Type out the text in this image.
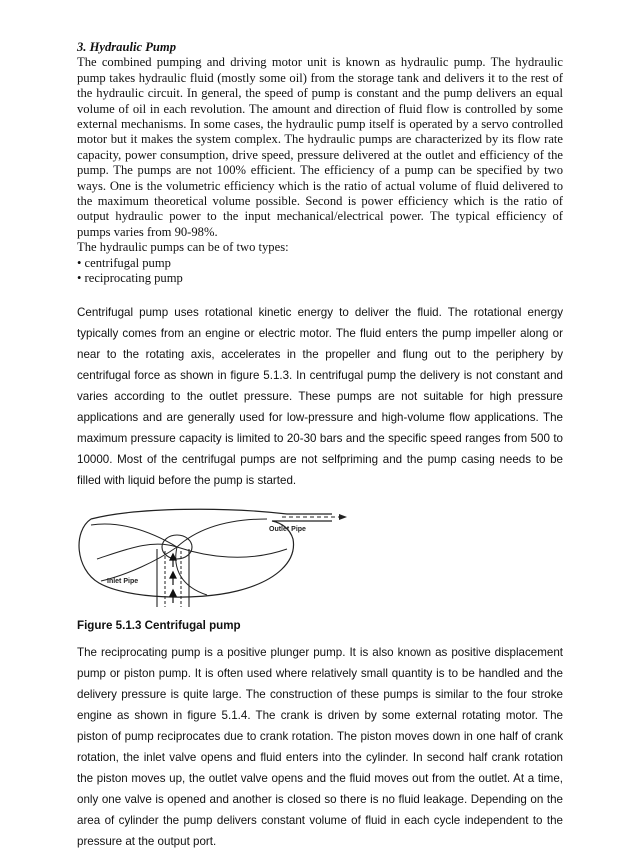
3. Hydraulic Pump

The combined pumping and driving motor unit is known as hydraulic pump. The hydraulic pump takes hydraulic fluid (mostly some oil) from the storage tank and delivers it to the rest of the hydraulic circuit. In general, the speed of pump is constant and the pump delivers an equal volume of oil in each revolution. The amount and direction of fluid flow is controlled by some external mechanisms. In some cases, the hydraulic pump itself is operated by a servo controlled motor but it makes the system complex. The hydraulic pumps are characterized by its flow rate capacity, power consumption, drive speed, pressure delivered at the outlet and efficiency of the pump. The pumps are not 100% efficient. The efficiency of a pump can be specified by two ways. One is the volumetric efficiency which is the ratio of actual volume of fluid delivered to the maximum theoretical volume possible. Second is power efficiency which is the ratio of output hydraulic power to the input mechanical/electrical power. The typical efficiency of pumps varies from 90-98%.

The hydraulic pumps can be of two types:

• centrifugal pump
• reciprocating pump

Centrifugal pump uses rotational kinetic energy to deliver the fluid. The rotational energy typically comes from an engine or electric motor. The fluid enters the pump impeller along or near to the rotating axis, accelerates in the propeller and flung out to the periphery by centrifugal force as shown in figure 5.1.3. In centrifugal pump the delivery is not constant and varies according to the outlet pressure. These pumps are not suitable for high pressure applications and are generally used for low-pressure and high-volume flow applications. The maximum pressure capacity is limited to 20-30 bars and the specific speed ranges from 500 to 10000. Most of the centrifugal pumps are not selfpriming and the pump casing needs to be filled with liquid before the pump is started.

Outlet Pipe
Inlet Pipe
Figure 5.1.3 Centrifugal pump

The reciprocating pump is a positive plunger pump. It is also known as positive displacement pump or piston pump. It is often used where relatively small quantity is to be handled and the delivery pressure is quite large. The construction of these pumps is similar to the four stroke engine as shown in figure 5.1.4. The crank is driven by some external rotating motor. The piston of pump reciprocates due to crank rotation. The piston moves down in one half of crank rotation, the inlet valve opens and fluid enters into the cylinder. In second half crank rotation the piston moves up, the outlet valve opens and the fluid moves out from the outlet. At a time, only one valve is opened and another is closed so there is no fluid leakage. Depending on the area of cylinder the pump delivers constant volume of fluid in each cycle independent to the pressure at the output port.
